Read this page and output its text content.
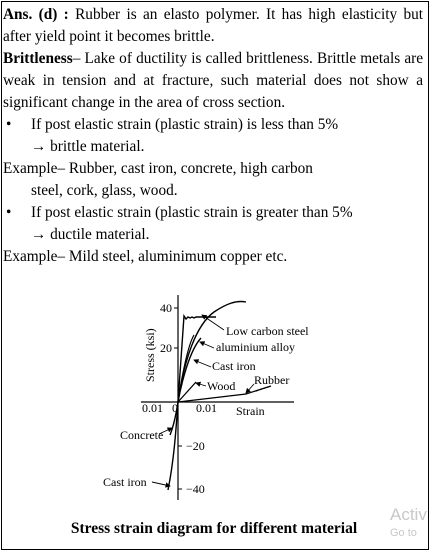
Ans. (d) : Rubber is an elasto polymer. It has high elasticity but after yield point it becomes brittle.

Brittleness– Lake of ductility is called brittleness. Brittle metals are weak in tension and at fracture, such material does not show a significant change in the area of cross section.

• If post elastic strain (plastic strain) is less than 5%
→ brittle material.

Example– Rubber, cast iron, concrete, high carbon

steel, cork, glass, wood.

• If post elastic strain (plastic strain is greater than 5%
→ ductile material.

Example– Mild steel, aluminimum copper etc.

40
20
−20
−40
0.01 0 0.01 Strain
Stress (ksi)	Low carbon steel
aluminium alloy
Cast iron
Wood Rubber
Concrete
Cast iron
Stress strain diagram for different material
Activ
Go to
